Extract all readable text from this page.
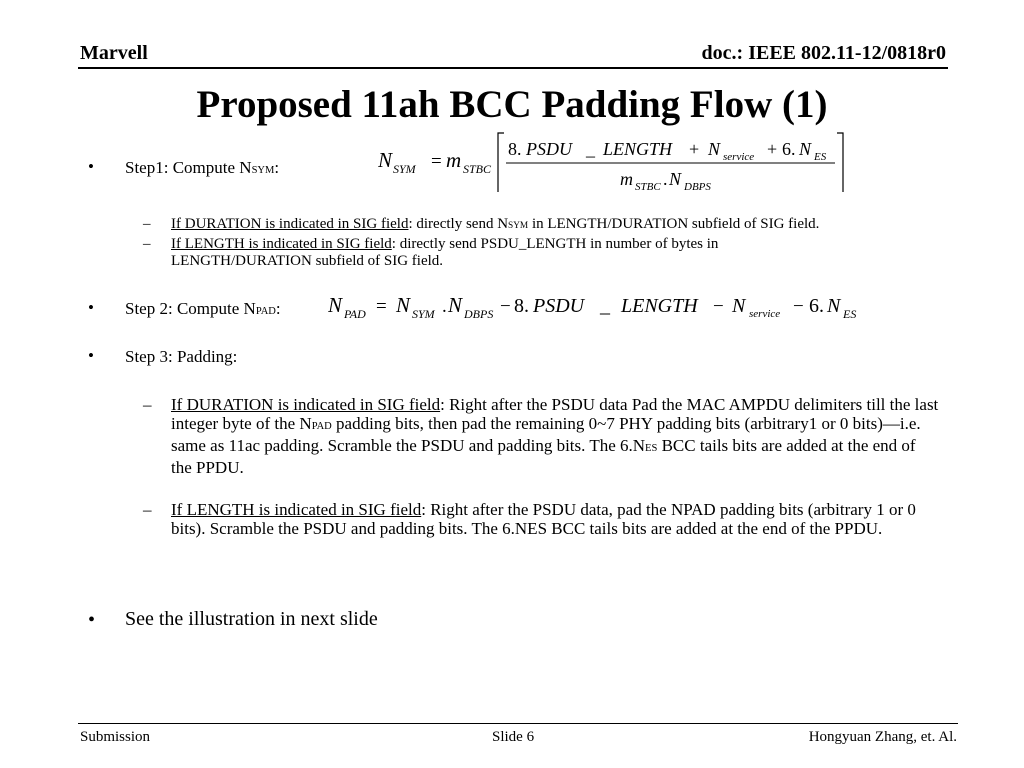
Marvell	doc.: IEEE 802.11-12/0818r0
Proposed 11ah BCC Padding Flow (1)
• Step1: Compute NSYM:	N SYM = m STBC
8. PSDU _ LENGTH + N service + 6. N ES
m STBC . N DBPS
– If DURATION is indicated in SIG field: directly send NSYM in LENGTH/DURATION subfield of SIG field.
– If LENGTH is indicated in SIG field: directly send PSDU_LENGTH in number of bytes in LENGTH/DURATION subfield of SIG field.
• Step 2: Compute NPAD: N PAD = N SYM . N DBPS − 8. PSDU _ LENGTH − N service − 6. N ES
• Step 3: Padding:
– If DURATION is indicated in SIG field: Right after the PSDU data Pad the MAC AMPDU delimiters till the last integer byte of the NPAD padding bits, then pad the remaining 0~7 PHY padding bits (arbitrary1 or 0 bits)—i.e. same as 11ac padding. Scramble the PSDU and padding bits. The 6.NES BCC tails bits are added at the end of the PPDU.
– If LENGTH is indicated in SIG field: Right after the PSDU data, pad the NPAD padding bits (arbitrary 1 or 0 bits). Scramble the PSDU and padding bits. The 6.NES BCC tails bits are added at the end of the PPDU.
• See the illustration in next slide
Submission	Slide 6	Hongyuan Zhang, et. Al.
